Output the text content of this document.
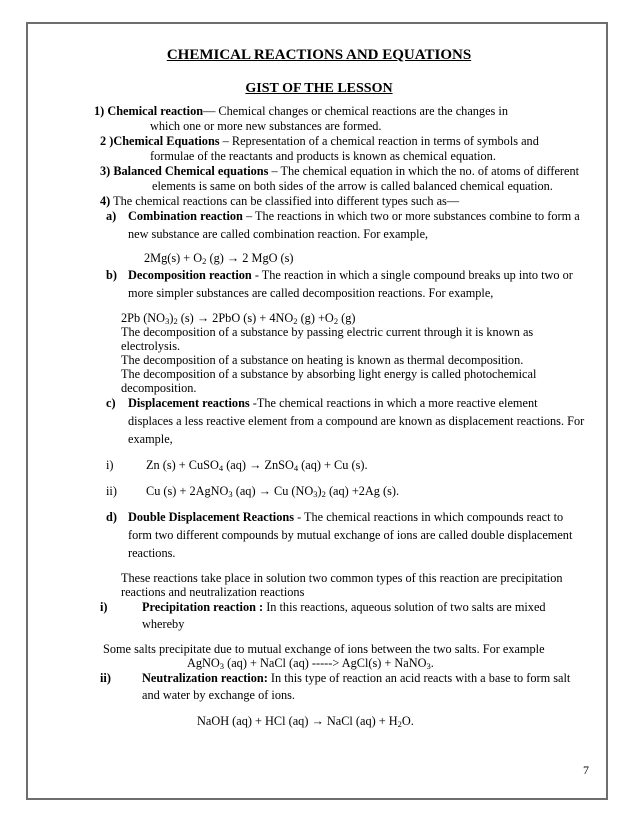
CHEMICAL REACTIONS AND EQUATIONS
GIST OF THE LESSON
1) Chemical reaction— Chemical changes or chemical reactions are the changes in
which one or more new substances are formed.
2 )Chemical Equations – Representation of a chemical reaction in terms of symbols and
formulae of the reactants and products is known as chemical equation.
3) Balanced Chemical equations – The chemical equation in which the no. of atoms of different
elements is same on both sides of the arrow is called balanced chemical equation.
4) The chemical reactions can be classified into different types such as—
a) Combination reaction – The reactions in which two or more substances combine to form a
new substance are called combination reaction. For example,
$2Mg(s) + O_2$ (g) → 2 MgO (s)
b) Decomposition reaction - The reaction in which a single compound breaks up into two or
more simpler substances are called decomposition reactions. For example,
2Pb $(NO_3)_2$ (s) → 2PbO $(s) + 4NO_2$ $(g) +O_2$ (g)
The decomposition of a substance by passing electric current through it is known as
electrolysis.
The decomposition of a substance on heating is known as thermal decomposition.
The decomposition of a substance by absorbing light energy is called photochemical
decomposition.
c) Displacement reactions -The chemical reactions in which a more reactive element
displaces a less reactive element from a compound are known as displacement reactions. For
example,
i)	Zn (s) + CuSO$_4$ (aq) → ZnSO$_4$ (aq) + Cu (s).
ii) Cu (s) + 2AgNO$_3$ (aq) → Cu $(NO_3)_2$ (aq) +2Ag (s).
d) Double Displacement Reactions - The chemical reactions in which compounds react to
form two different compounds by mutual exchange of ions are called double displacement
reactions.
These reactions take place in solution two common types of this reaction are precipitation
reactions and neutralization reactions
i)	Precipitation reaction : In this reactions, aqueous solution of two salts are mixed
whereby
Some salts precipitate due to mutual exchange of ions between the two salts. For example
AgNO$_3$ (aq) + NaCl (aq) -----> AgCl(s) + NaNO$_3$.
ii)	Neutralization reaction: In this type of reaction an acid reacts with a base to form salt
and water by exchange of ions.
NaOH (aq) + HCl (aq) → NaCl $(aq) + H_2O$.
7
